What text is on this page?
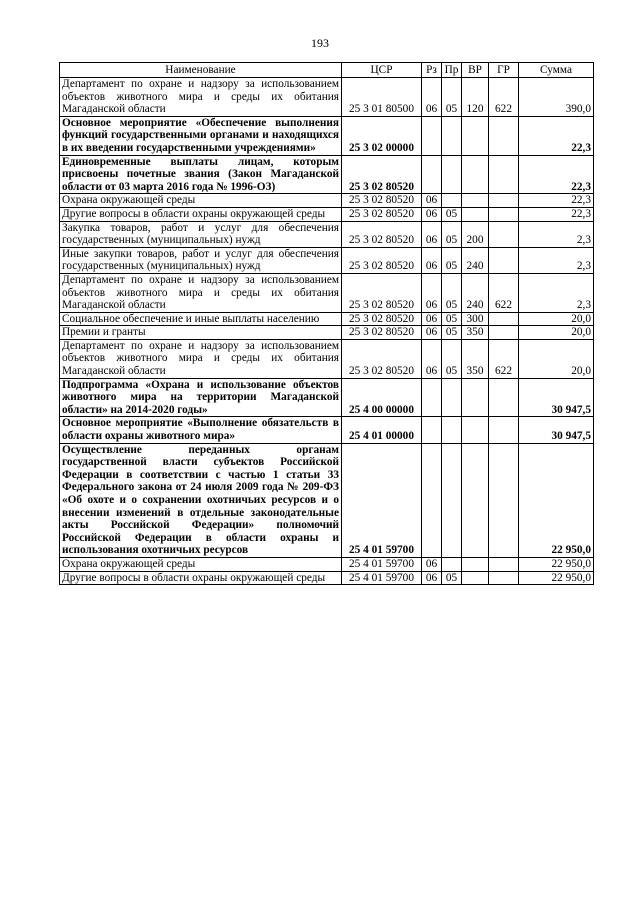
193
Наименование	ЦСР	Рз	Пр	ВР	ГР	Сумма
Департамент по охране и надзору за использованием объектов животного мира и среды их обитания Магаданской области	25 3 01 80500	06	05	120	622	390,0
Основное мероприятие «Обеспечение выполнения функций государственными органами и находящихся в их введении государственными учреждениями»	25 3 02 00000					22,3
Единовременные выплаты лицам, которым присвоены почетные звания (Закон Магаданской области от 03 марта 2016 года № 1996-ОЗ)	25 3 02 80520					22,3
Охрана окружающей среды	25 3 02 80520	06				22,3
Другие вопросы в области охраны окружающей среды	25 3 02 80520	06	05			22,3
Закупка товаров, работ и услуг для обеспечения государственных (муниципальных) нужд	25 3 02 80520	06	05	200		2,3
Иные закупки товаров, работ и услуг для обеспечения государственных (муниципальных) нужд	25 3 02 80520	06	05	240		2,3
Департамент по охране и надзору за использованием объектов животного мира и среды их обитания Магаданской области	25 3 02 80520	06	05	240	622	2,3
Социальное обеспечение и иные выплаты населению	25 3 02 80520	06	05	300		20,0
Премии и гранты	25 3 02 80520	06	05	350		20,0
Департамент по охране и надзору за использованием объектов животного мира и среды их обитания Магаданской области	25 3 02 80520	06	05	350	622	20,0
Подпрограмма «Охрана и использование объектов животного мира на территории Магаданской области» на 2014-2020 годы»	25 4 00 00000					30 947,5
Основное мероприятие «Выполнение обязательств в области охраны животного мира»	25 4 01 00000					30 947,5
Осуществление переданных органам государственной власти субъектов Российской Федерации в соответствии с частью 1 статьи 33 Федерального закона от 24 июля 2009 года № 209-ФЗ «Об охоте и о сохранении охотничьих ресурсов и о внесении изменений в отдельные законодательные акты Российской Федерации» полномочий Российской Федерации в области охраны и использования охотничьих ресурсов	25 4 01 59700					22 950,0
Охрана окружающей среды	25 4 01 59700	06				22 950,0
Другие вопросы в области охраны окружающей среды	25 4 01 59700	06	05			22 950,0
